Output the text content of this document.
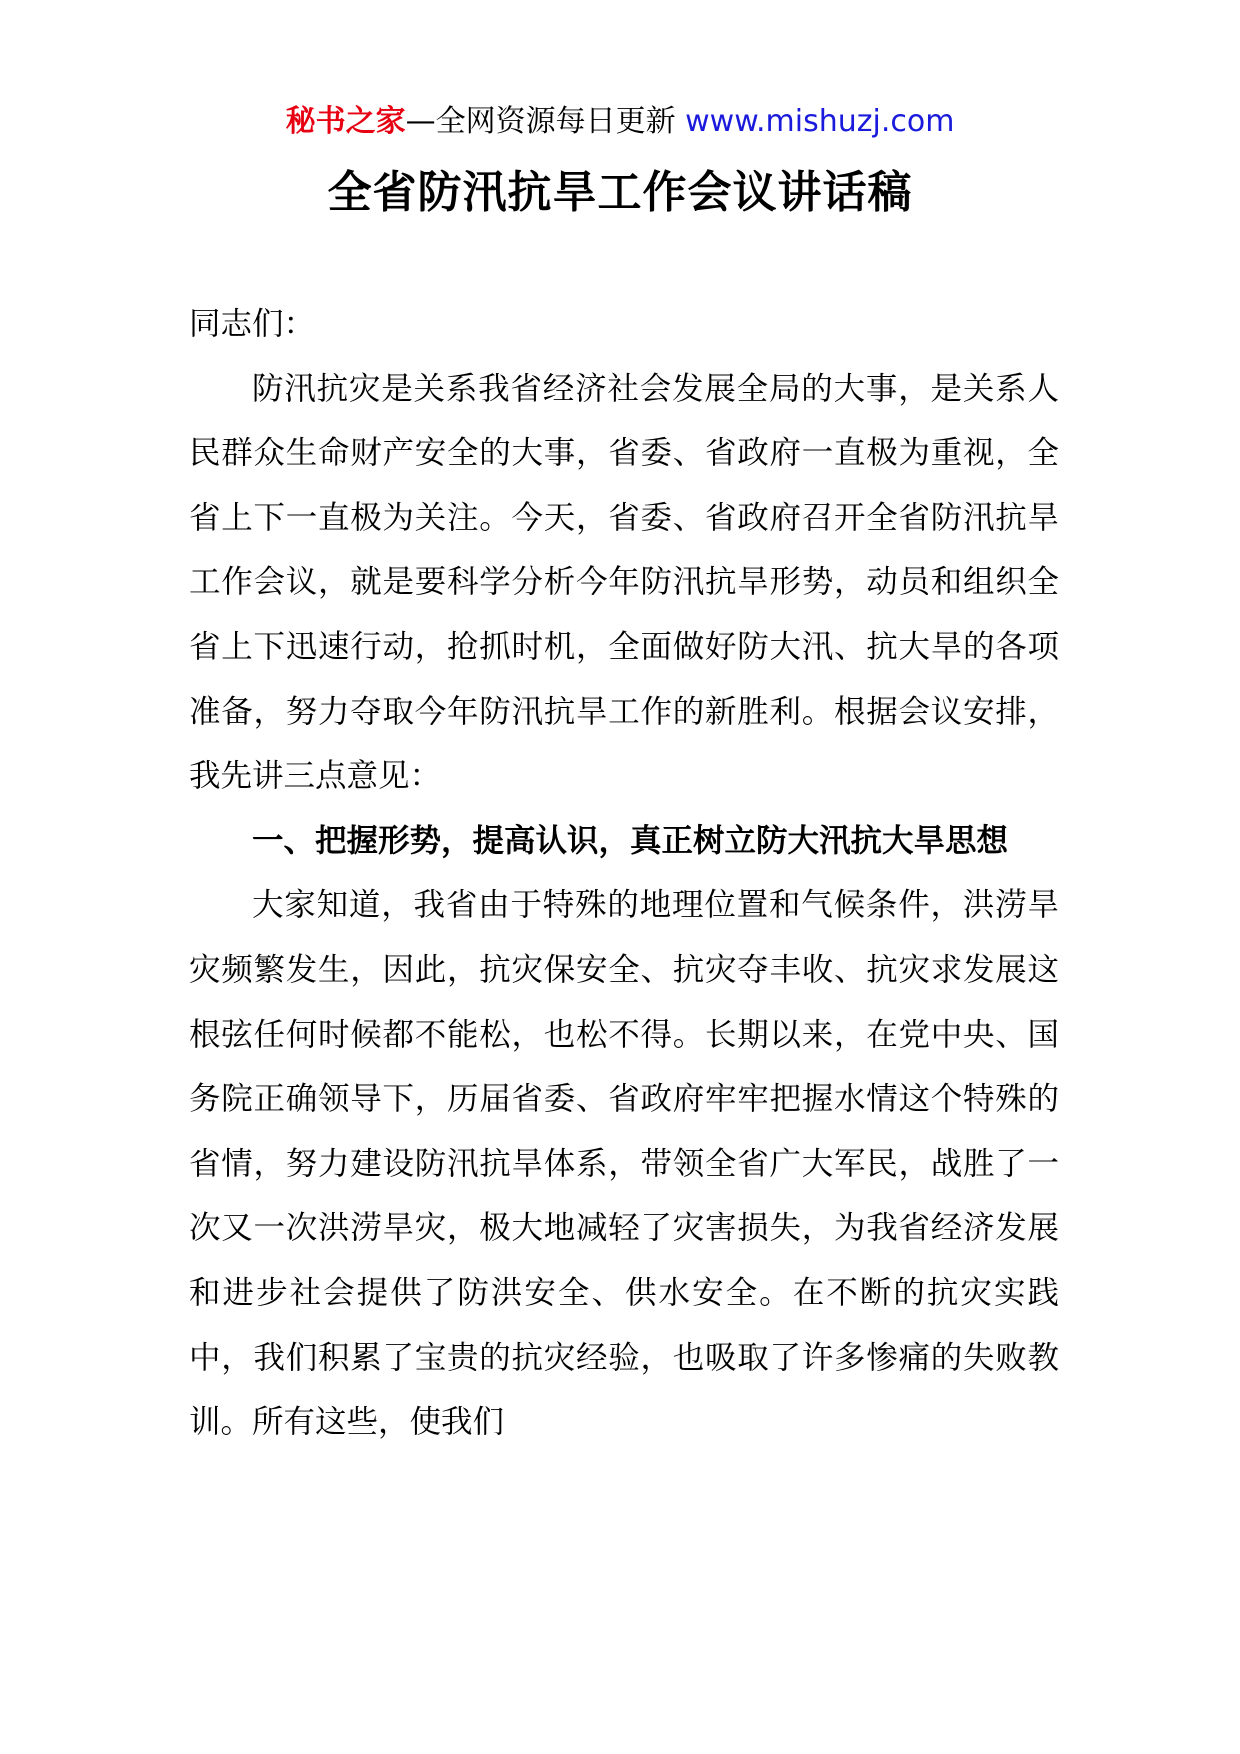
秘书之家—全网资源每日更新 www.mishuzj.com
全省防汛抗旱工作会议讲话稿

同志们：

防汛抗灾是关系我省经济社会发展全局的大事，是关系人民群众生命财产安全的大事，省委、省政府一直极为重视，全省上下一直极为关注。今天，省委、省政府召开全省防汛抗旱工作会议，就是要科学分析今年防汛抗旱形势，动员和组织全省上下迅速行动，抢抓时机，全面做好防大汛、抗大旱的各项准备，努力夺取今年防汛抗旱工作的新胜利。根据会议安排，我先讲三点意见：

一、把握形势，提高认识，真正树立防大汛抗大旱思想

大家知道，我省由于特殊的地理位置和气候条件，洪涝旱灾频繁发生，因此，抗灾保安全、抗灾夺丰收、抗灾求发展这根弦任何时候都不能松，也松不得。长期以来，在党中央、国务院正确领导下，历届省委、省政府牢牢把握水情这个特殊的省情，努力建设防汛抗旱体系，带领全省广大军民，战胜了一次又一次洪涝旱灾，极大地减轻了灾害损失，为我省经济发展和进步社会提供了防洪安全、供水安全。在不断的抗灾实践中，我们积累了宝贵的抗灾经验，也吸取了许多惨痛的失败教训。所有这些，使我们
